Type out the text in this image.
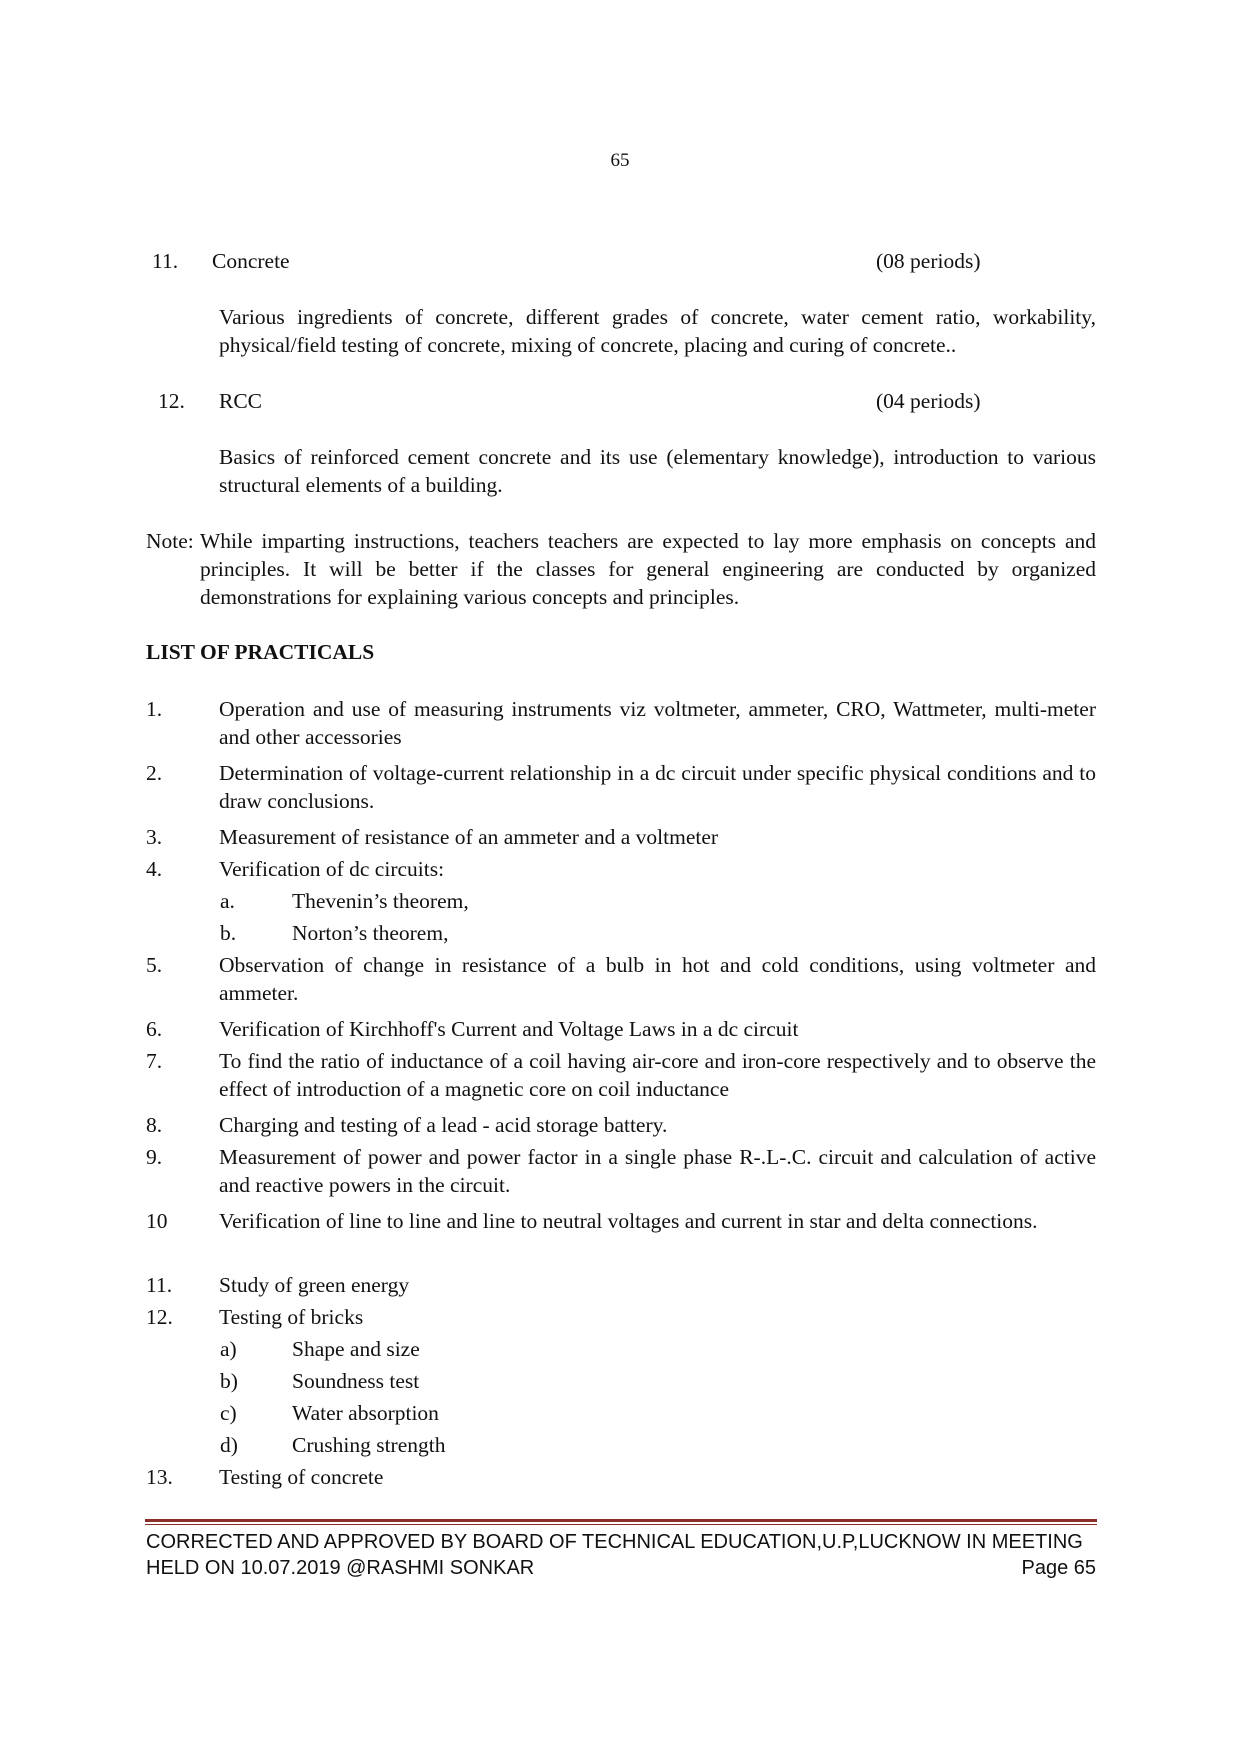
65
11.	Concrete	(08 periods)
Various ingredients of concrete, different grades of concrete, water cement ratio, workability, physical/field testing of concrete, mixing of concrete, placing and curing of concrete..
12.	RCC	(04 periods)
Basics of reinforced cement concrete and its use (elementary knowledge), introduction to various structural elements of a building.
Note: While imparting instructions, teachers teachers are expected to lay more emphasis on concepts and principles. It will be better if the classes for general engineering are conducted by organized demonstrations for explaining various concepts and principles.
LIST OF PRACTICALS
1.	Operation and use of measuring instruments viz voltmeter, ammeter, CRO, Wattmeter, multi-meter and other accessories
2.	Determination of voltage-current relationship in a dc circuit under specific physical conditions and to draw conclusions.
3.	Measurement of resistance of an ammeter and a voltmeter
4.	Verification of dc circuits:
a.	Thevenin’s theorem,
b.	Norton’s theorem,
5.	Observation of change in resistance of a bulb in hot and cold conditions, using voltmeter and ammeter.
6.	Verification of Kirchhoff's Current and Voltage Laws in a dc circuit
7.	To find the ratio of inductance of a coil having air-core and iron-core respectively and to observe the effect of introduction of a magnetic core on coil inductance
8.	Charging and testing of a lead - acid storage battery.
9.	Measurement of power and power factor in a single phase R-.L-.C. circuit and calculation of active and reactive powers in the circuit.
10 Verification of line to line and line to neutral voltages and current in star and delta connections.
11. Study of green energy
12. Testing of bricks
a)	Shape and size
b)	Soundness test
c)	Water absorption
d)	Crushing strength
13. Testing of concrete
CORRECTED AND APPROVED BY BOARD OF TECHNICAL EDUCATION,U.P,LUCKNOW IN MEETING
HELD ON 10.07.2019 @RASHMI SONKAR	Page 65
